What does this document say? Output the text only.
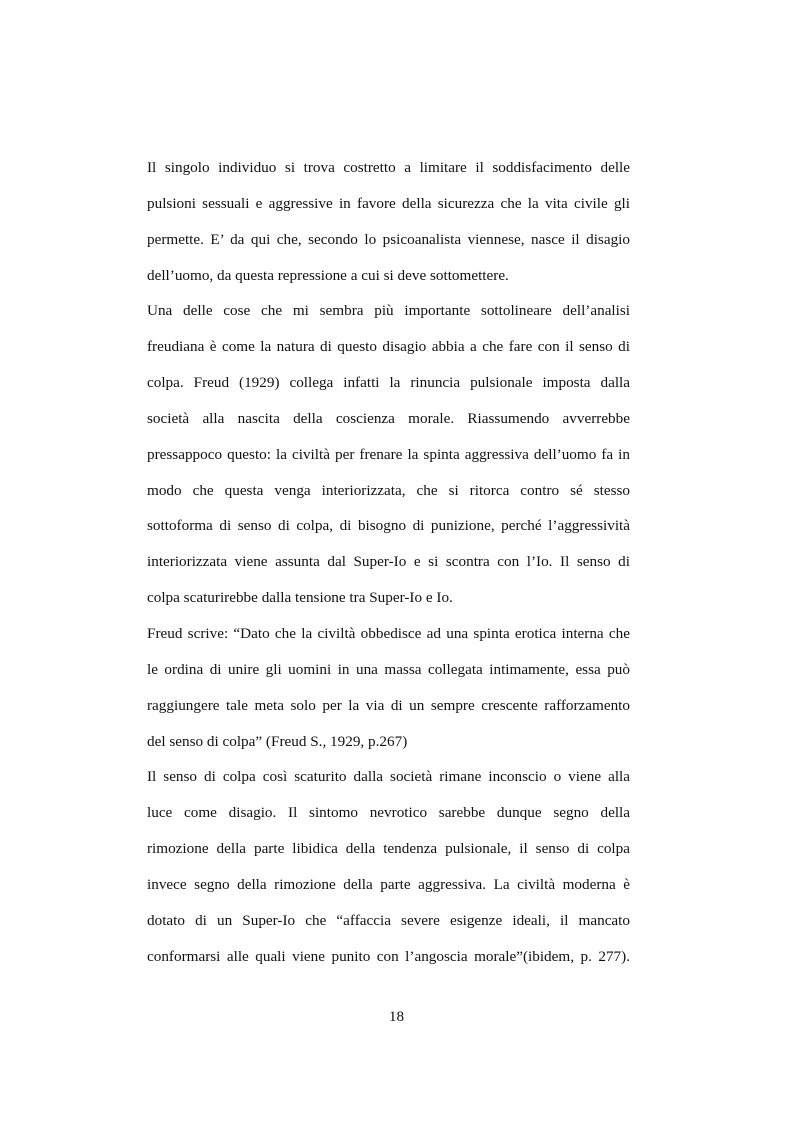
Il singolo individuo si trova costretto a limitare il soddisfacimento delle
pulsioni sessuali e aggressive in favore della sicurezza che la vita civile gli
permette. E’ da qui che, secondo lo psicoanalista viennese, nasce il disagio
dell’uomo, da questa repressione a cui si deve sottomettere.
Una delle cose che mi sembra più importante sottolineare dell’analisi
freudiana è come la natura di questo disagio abbia a che fare con il senso di
colpa. Freud (1929) collega infatti la rinuncia pulsionale imposta dalla
società alla nascita della coscienza morale. Riassumendo avverrebbe
pressappoco questo: la civiltà per frenare la spinta aggressiva dell’uomo fa in
modo che questa venga interiorizzata, che si ritorca contro sé stesso
sottoforma di senso di colpa, di bisogno di punizione, perché l’aggressività
interiorizzata viene assunta dal Super-Io e si scontra con l’Io. Il senso di
colpa scaturirebbe dalla tensione tra Super-Io e Io.
Freud scrive: “Dato che la civiltà obbedisce ad una spinta erotica interna che
le ordina di unire gli uomini in una massa collegata intimamente, essa può
raggiungere tale meta solo per la via di un sempre crescente rafforzamento
del senso di colpa” (Freud S., 1929, p.267)
Il senso di colpa così scaturito dalla società rimane inconscio o viene alla
luce come disagio. Il sintomo nevrotico sarebbe dunque segno della
rimozione della parte libidica della tendenza pulsionale, il senso di colpa
invece segno della rimozione della parte aggressiva. La civiltà moderna è
dotato di un Super-Io che “affaccia severe esigenze ideali, il mancato
conformarsi alle quali viene punito con l’angoscia morale”(ibidem, p. 277).
18
